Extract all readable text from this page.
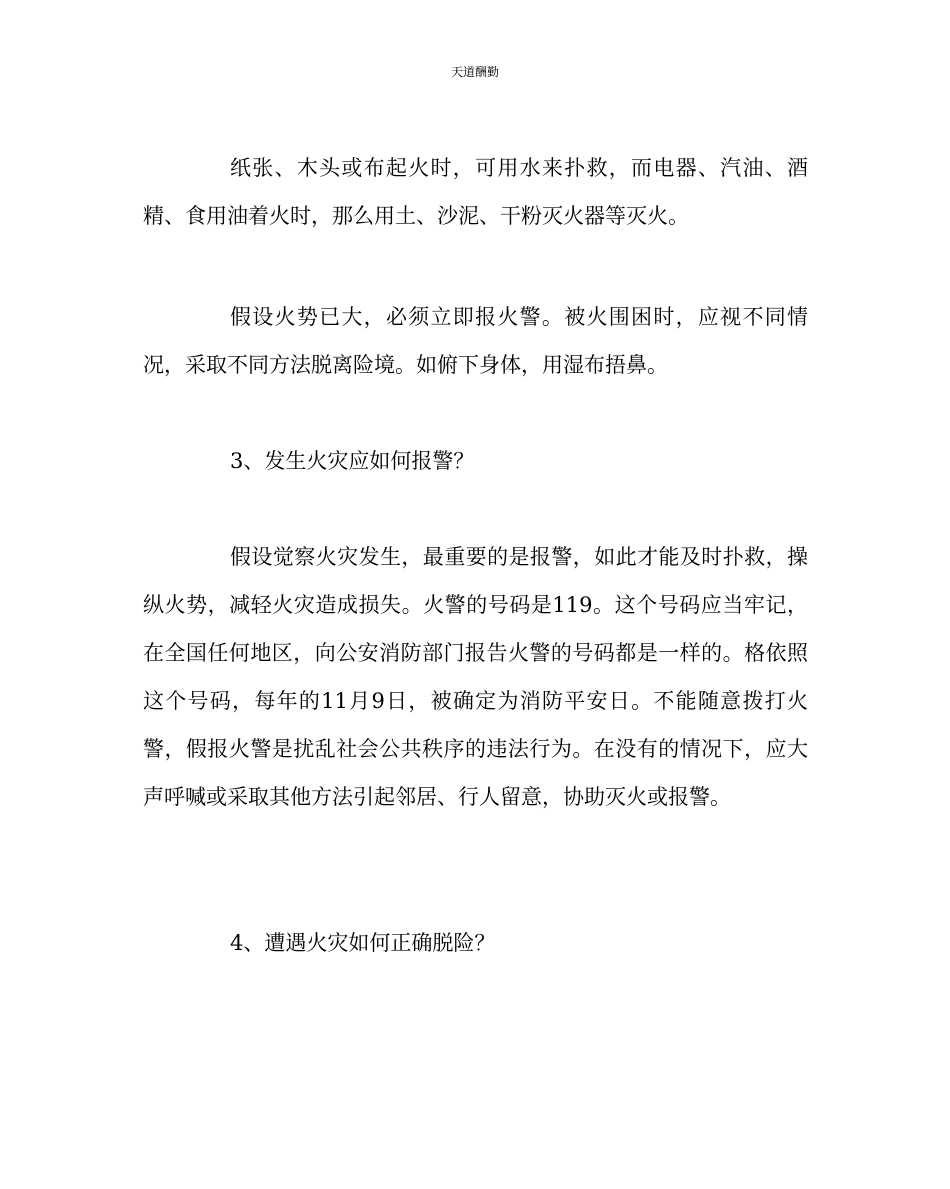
天道酬勤

纸张、木头或布起火时，可用水来扑救，而电器、汽油、酒精、食用油着火时，那么用土、沙泥、干粉灭火器等灭火。

假设火势已大，必须立即报火警。被火围困时，应视不同情况，采取不同方法脱离险境。如俯下身体，用湿布捂鼻。

3、发生火灾应如何报警？

假设觉察火灾发生，最重要的是报警，如此才能及时扑救，操纵火势，减轻火灾造成损失。火警的号码是119。这个号码应当牢记，在全国任何地区，向公安消防部门报告火警的号码都是一样的。格依照这个号码，每年的11月9日，被确定为消防平安日。不能随意拨打火警，假报火警是扰乱社会公共秩序的违法行为。在没有的情况下，应大声呼喊或采取其他方法引起邻居、行人留意，协助灭火或报警。

4、遭遇火灾如何正确脱险？
